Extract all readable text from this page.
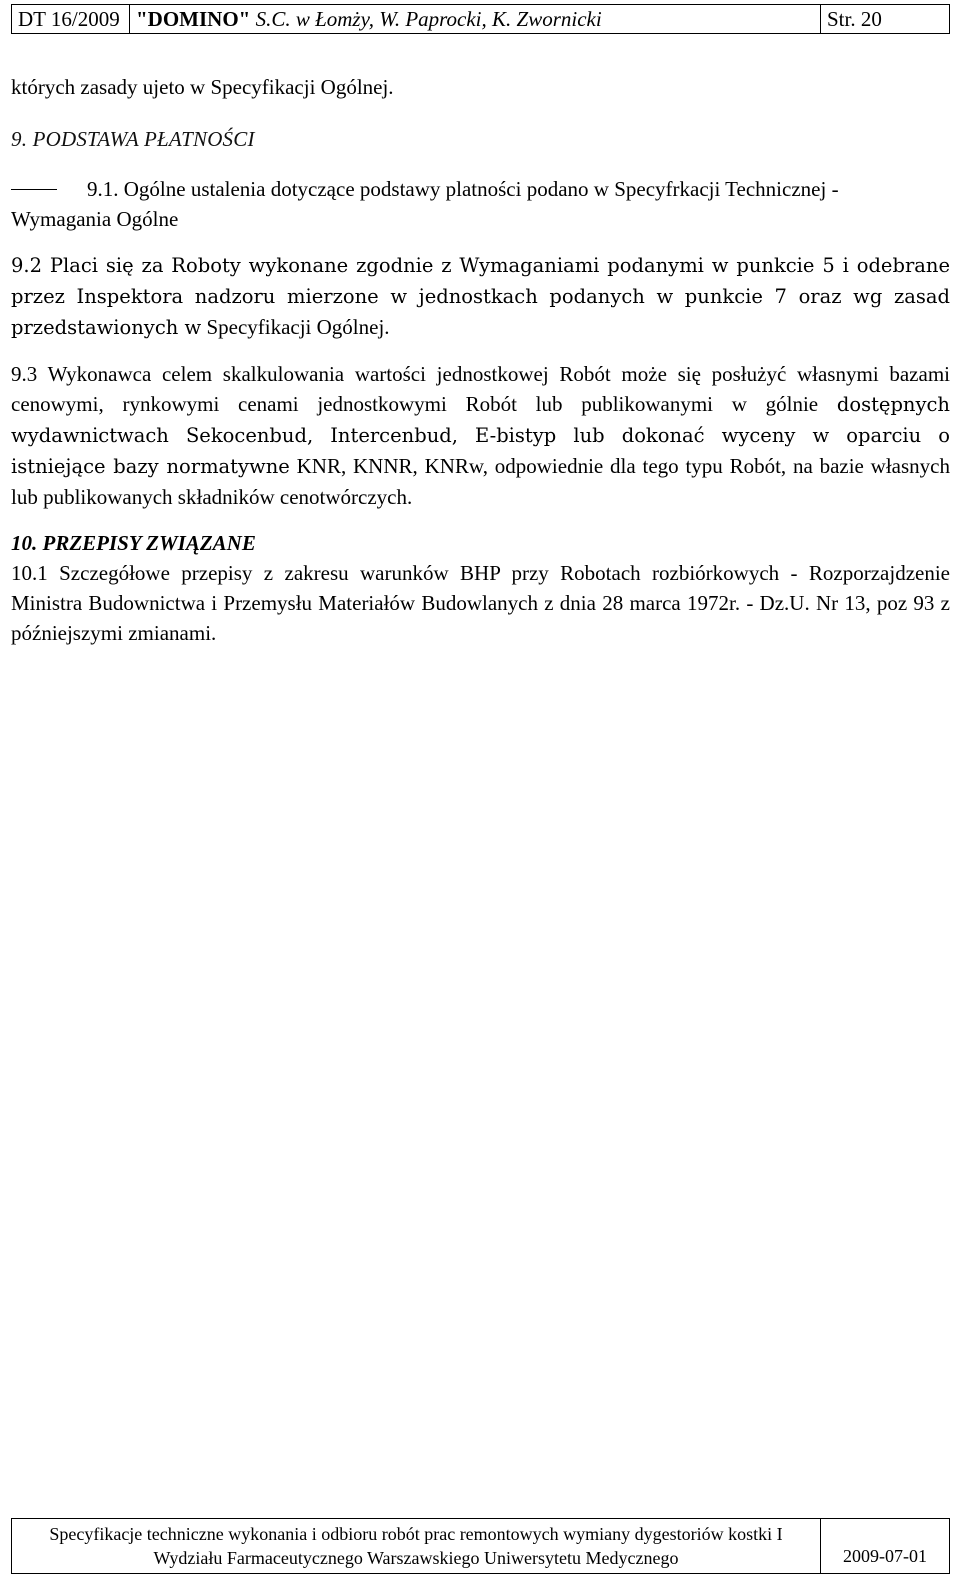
DT 16/2009 "DOMINO" S.C. w Łomży, W. Paprocki, K. Zwornicki	Str. 20

których zasady ujeto w Specyfikacji Ogólnej.

9. PODSTAWA PŁATNOŚCI

9.1. Ogólne ustalenia dotyczące podstawy platności podano w Specyfrkacji Technicznej -

Wymagania Ogólne

9.2 Placi się za Roboty wykonane zgodnie z Wymaganiami podanymi w punkcie 5 i odebrane przez Inspektora nadzoru mierzone w jednostkach podanych w punkcie 7 oraz wg zasad przedstawionych w Specyfikacji Ogólnej.

9.3 Wykonawca celem skalkulowania wartości jednostkowej Robót może się posłużyć własnymi bazami cenowymi, rynkowymi cenami jednostkowymi Robót lub publikowanymi w gólnie dostępnych wydawnictwach Sekocenbud, Intercenbud, E-bistyp lub dokonać wyceny w oparciu o istniejące bazy normatywne KNR, KNNR, KNRw, odpowiednie dla tego typu Robót, na bazie własnych lub publikowanych składników cenotwórczych.

10. PRZEPISY ZWIĄZANE

10.1 Szczegółowe przepisy z zakresu warunków BHP przy Robotach rozbiórkowych - Rozporzajdzenie Ministra Budownictwa i Przemysłu Materiałów Budowlanych z dnia 28 marca 1972r. - Dz.U. Nr 13, poz 93 z późniejszymi zmianami.

Specyfikacje techniczne wykonania i odbioru robót prac remontowych wymiany dygestoriów kostki I
Wydziału Farmaceutycznego Warszawskiego Uniwersytetu Medycznego	2009-07-01
